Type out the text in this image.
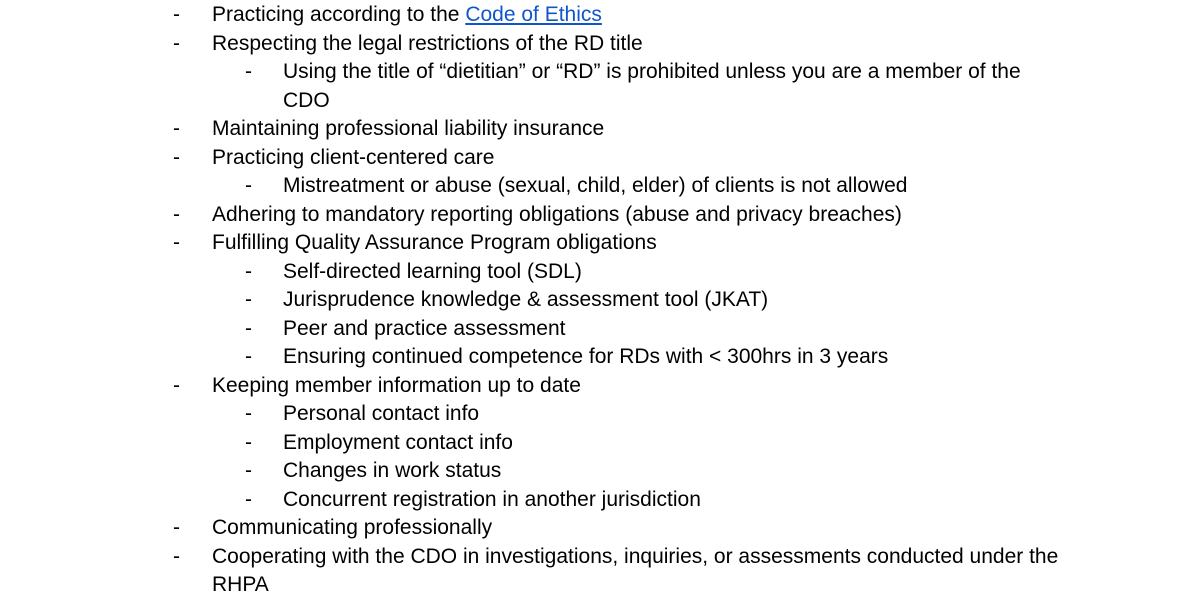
- Practicing according to the Code of Ethics
- Respecting the legal restrictions of the RD title
- Using the title of “dietitian” or “RD” is prohibited unless you are a member of the CDO
- Maintaining professional liability insurance
- Practicing client-centered care
- Mistreatment or abuse (sexual, child, elder) of clients is not allowed
- Adhering to mandatory reporting obligations (abuse and privacy breaches)
- Fulfilling Quality Assurance Program obligations
- Self-directed learning tool (SDL)
- Jurisprudence knowledge & assessment tool (JKAT)
- Peer and practice assessment
- Ensuring continued competence for RDs with < 300hrs in 3 years
- Keeping member information up to date
- Personal contact info
- Employment contact info
- Changes in work status
- Concurrent registration in another jurisdiction
- Communicating professionally
- Cooperating with the CDO in investigations, inquiries, or assessments conducted under the RHPA
